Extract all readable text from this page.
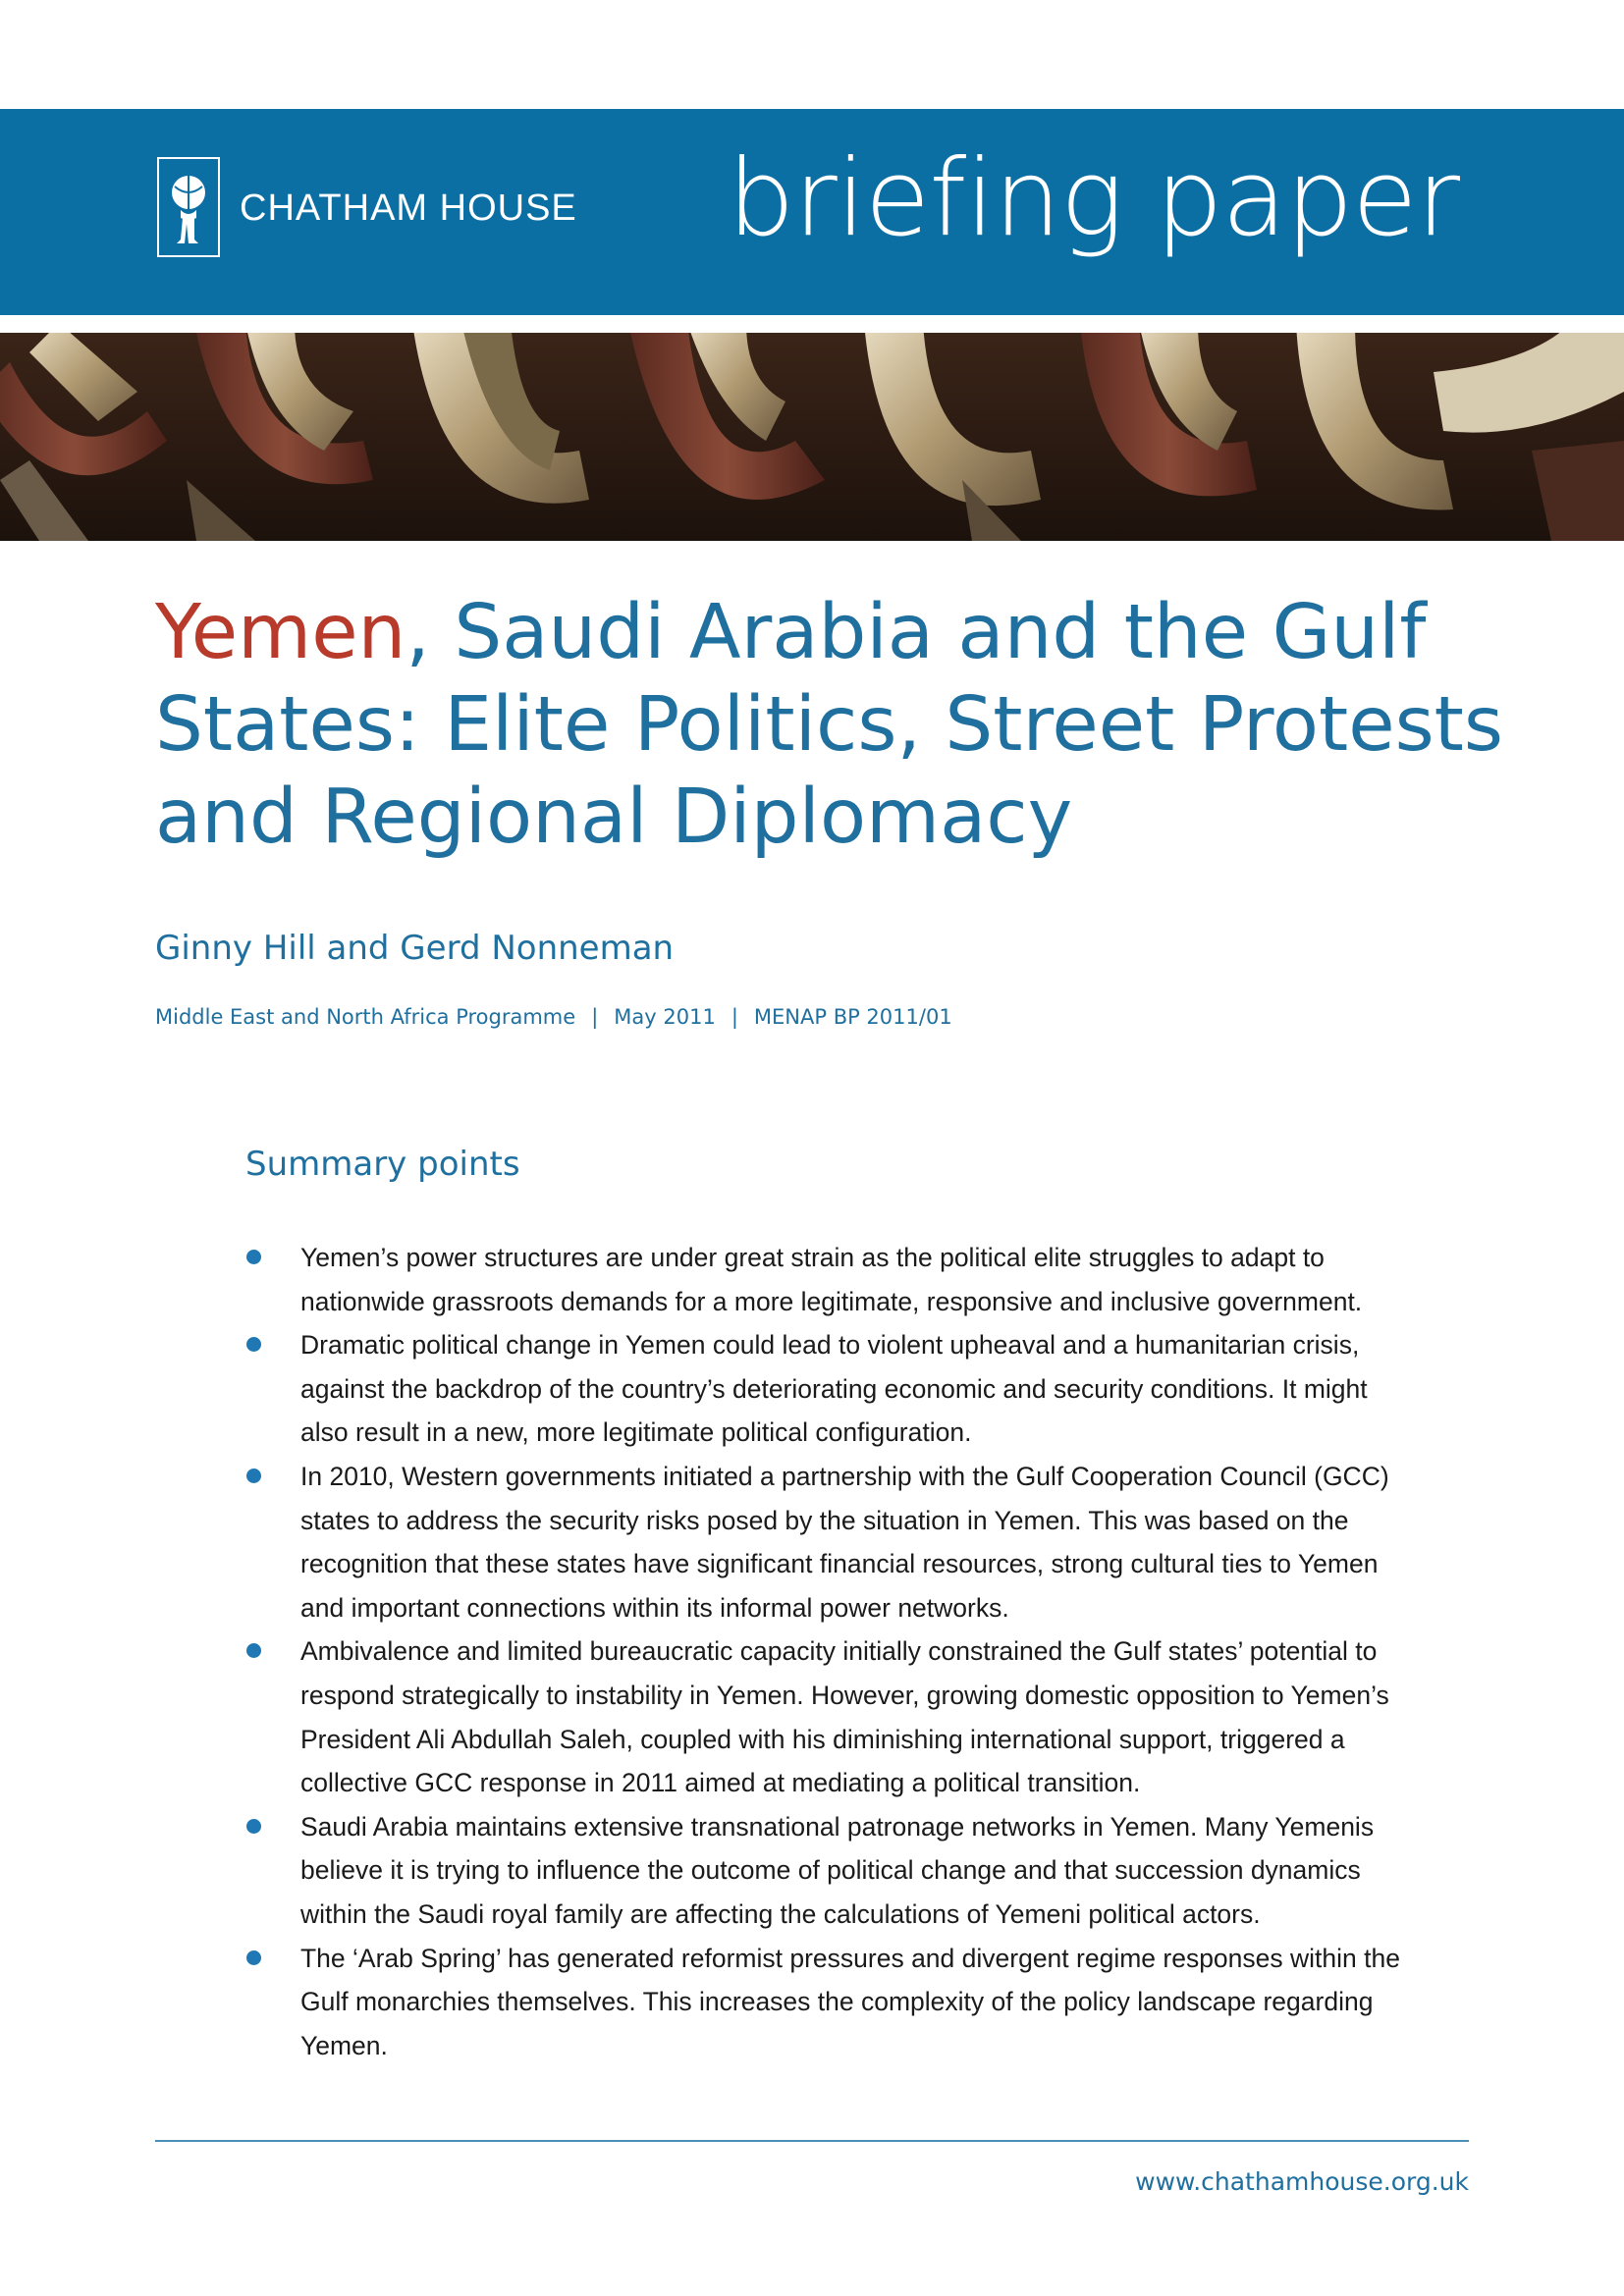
CHATHAM HOUSE briefing paper
Yemen, Saudi Arabia and the Gulf States: Elite Politics, Street Protests and Regional Diplomacy
Ginny Hill and Gerd Nonneman
Middle East and North Africa Programme | May 2011 | MENAP BP 2011/01
Summary points
Yemen’s power structures are under great strain as the political elite struggles to adapt to nationwide grassroots demands for a more legitimate, responsive and inclusive government.
Dramatic political change in Yemen could lead to violent upheaval and a humanitarian crisis, against the backdrop of the country’s deteriorating economic and security conditions. It might also result in a new, more legitimate political configuration.
In 2010, Western governments initiated a partnership with the Gulf Cooperation Council (GCC) states to address the security risks posed by the situation in Yemen. This was based on the recognition that these states have significant financial resources, strong cultural ties to Yemen and important connections within its informal power networks.
Ambivalence and limited bureaucratic capacity initially constrained the Gulf states’ potential to respond strategically to instability in Yemen. However, growing domestic opposition to Yemen’s President Ali Abdullah Saleh, coupled with his diminishing international support, triggered a collective GCC response in 2011 aimed at mediating a political transition.
Saudi Arabia maintains extensive transnational patronage networks in Yemen. Many Yemenis believe it is trying to influence the outcome of political change and that succession dynamics within the Saudi royal family are affecting the calculations of Yemeni political actors.
The ‘Arab Spring’ has generated reformist pressures and divergent regime responses within the Gulf monarchies themselves. This increases the complexity of the policy landscape regarding Yemen.
www.chathamhouse.org.uk
